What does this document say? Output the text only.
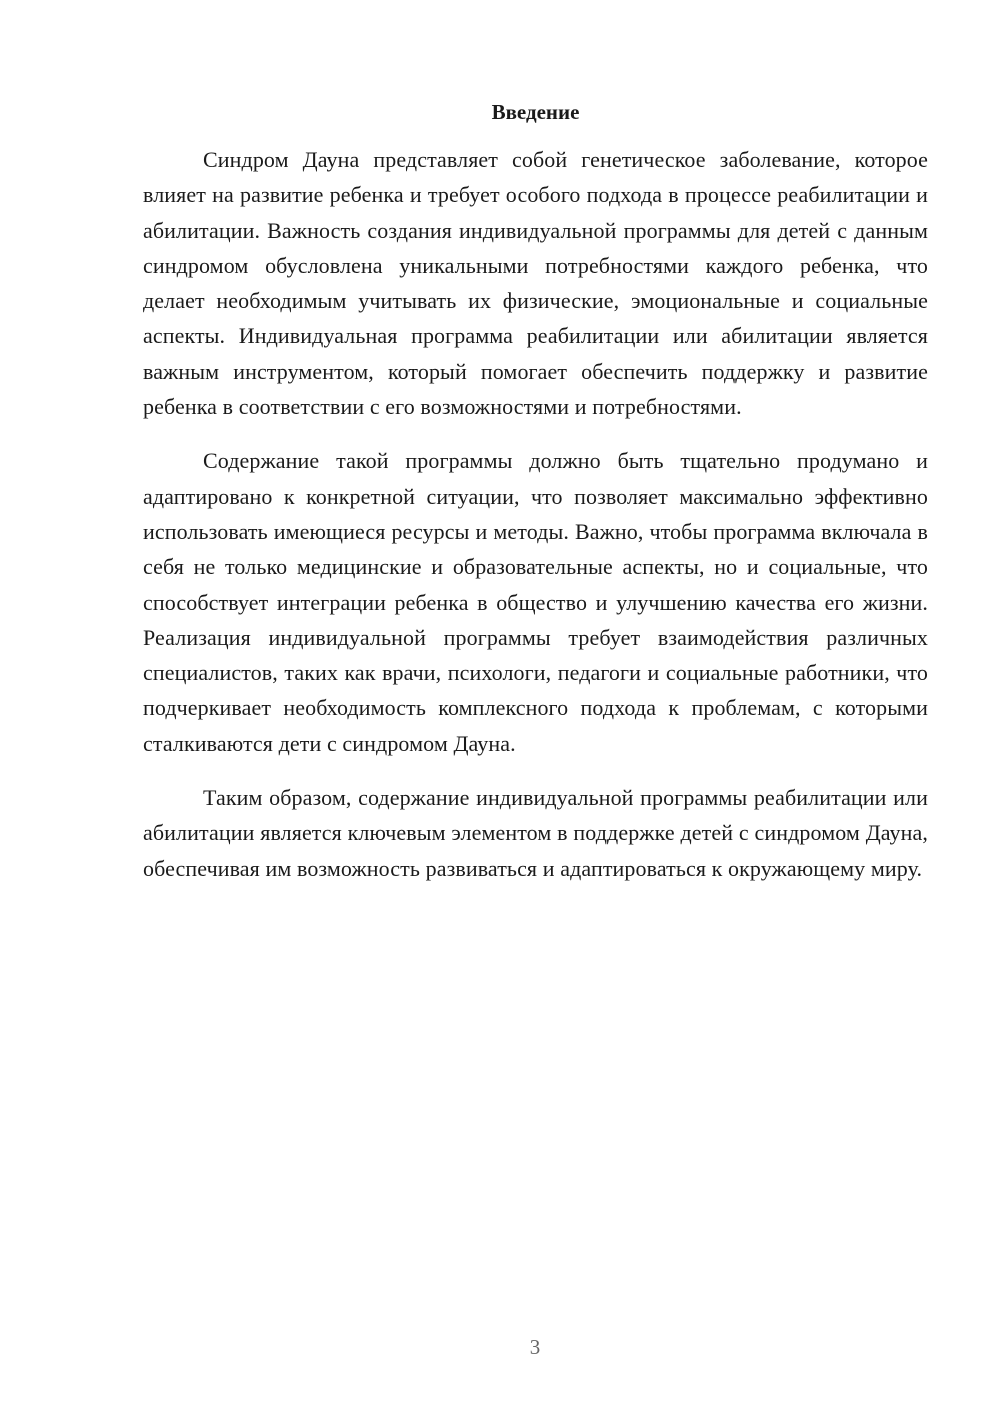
Введение

Синдром Дауна представляет собой генетическое заболевание, которое влияет на развитие ребенка и требует особого подхода в процессе реабилитации и абилитации. Важность создания индивидуальной программы для детей с данным синдромом обусловлена уникальными потребностями каждого ребенка, что делает необходимым учитывать их физические, эмоциональные и социальные аспекты. Индивидуальная программа реабилитации или абилитации является важным инструментом, который помогает обеспечить поддержку и развитие ребенка в соответствии с его возможностями и потребностями.

Содержание такой программы должно быть тщательно продумано и адаптировано к конкретной ситуации, что позволяет максимально эффективно использовать имеющиеся ресурсы и методы. Важно, чтобы программа включала в себя не только медицинские и образовательные аспекты, но и социальные, что способствует интеграции ребенка в общество и улучшению качества его жизни. Реализация индивидуальной программы требует взаимодействия различных специалистов, таких как врачи, психологи, педагоги и социальные работники, что подчеркивает необходимость комплексного подхода к проблемам, с которыми сталкиваются дети с синдромом Дауна.

Таким образом, содержание индивидуальной программы реабилитации или абилитации является ключевым элементом в поддержке детей с синдромом Дауна, обеспечивая им возможность развиваться и адаптироваться к окружающему миру.

3
